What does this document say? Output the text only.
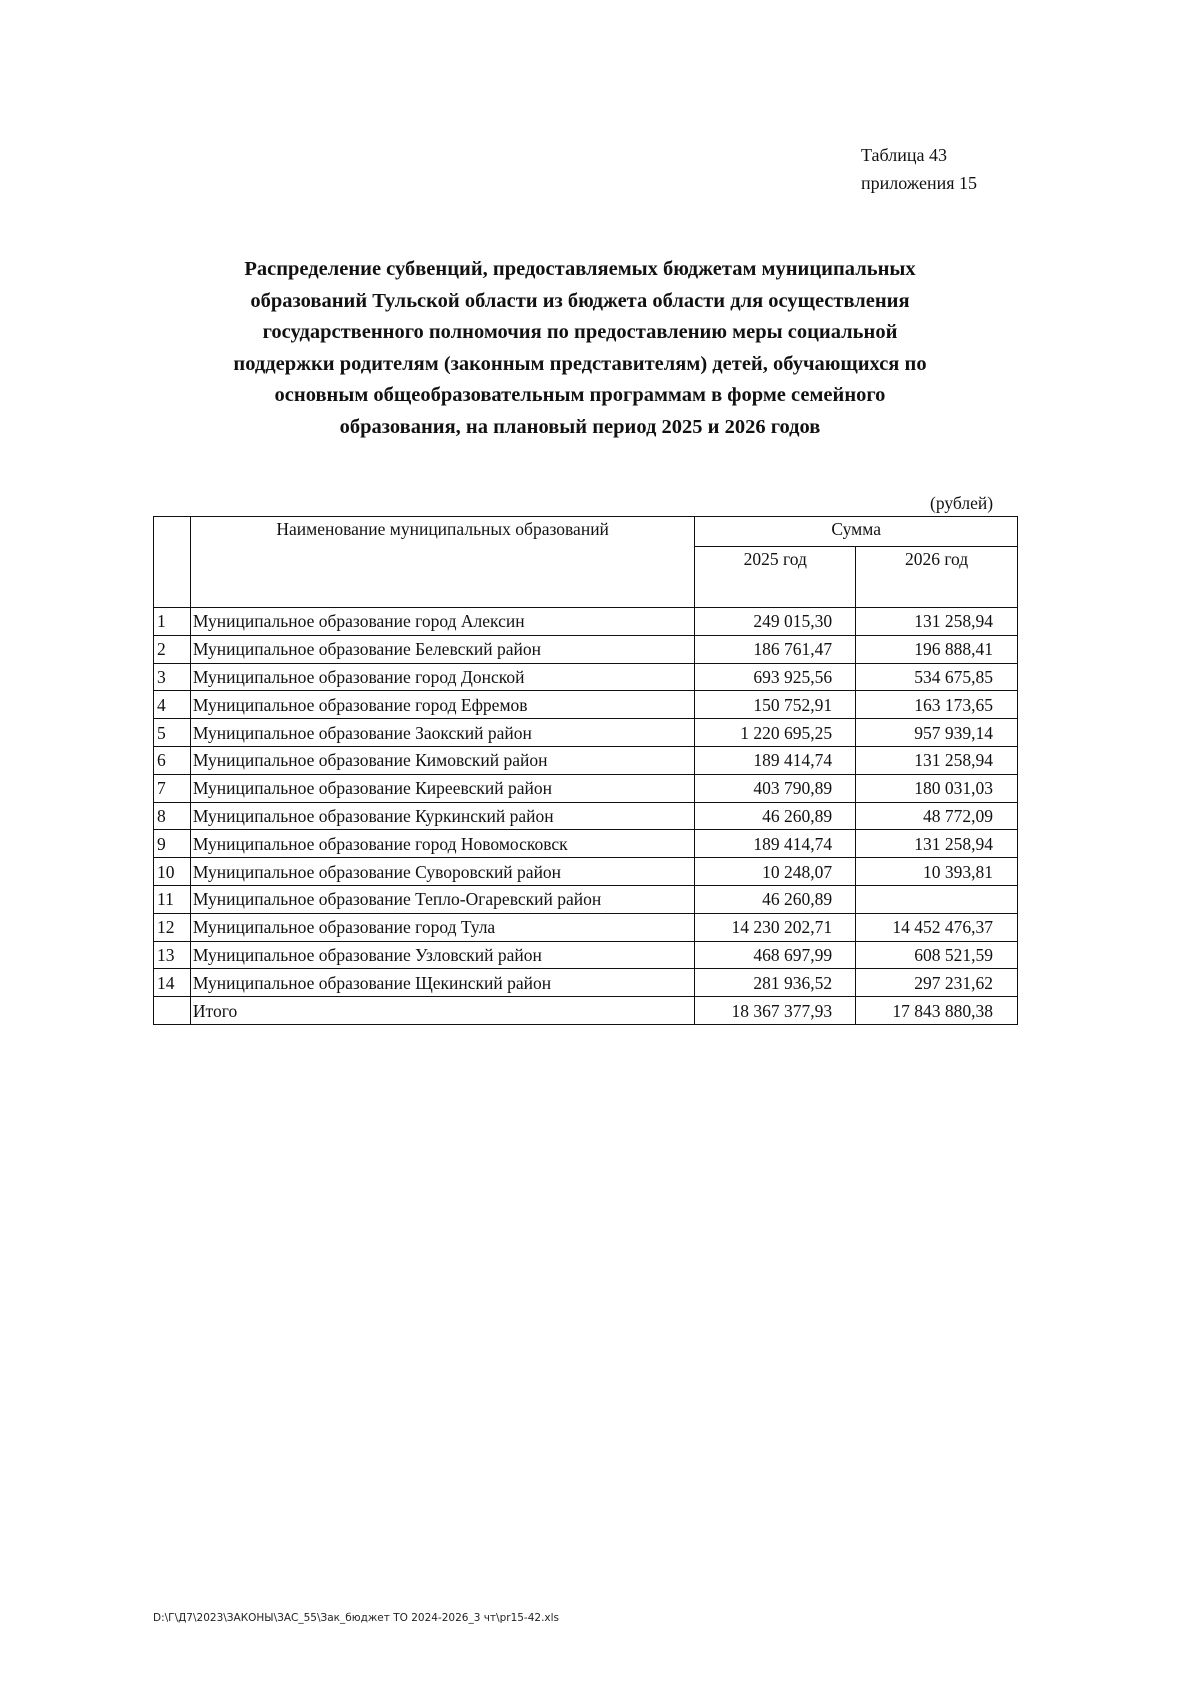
Таблица 43
приложения 15
Распределение субвенций, предоставляемых бюджетам муниципальных
образований Тульской области из бюджета области для осуществления
государственного полномочия по предоставлению меры социальной
поддержки родителям (законным представителям) детей, обучающихся по
основным общеобразовательным программам в форме семейного
образования, на плановый период 2025 и 2026 годов
(рублей)
	Наименование муниципальных образований	Сумма	
		2025 год	2026 год
1	Муниципальное образование город Алексин	249 015,30	131 258,94
2	Муниципальное образование Белевский район	186 761,47	196 888,41
3	Муниципальное образование город Донской	693 925,56	534 675,85
4	Муниципальное образование город Ефремов	150 752,91	163 173,65
5	Муниципальное образование Заокский район	1 220 695,25	957 939,14
6	Муниципальное образование Кимовский район	189 414,74	131 258,94
7	Муниципальное образование Киреевский район	403 790,89	180 031,03
8	Муниципальное образование Куркинский район	46 260,89	48 772,09
9	Муниципальное образование город Новомосковск	189 414,74	131 258,94
10	Муниципальное образование Суворовский район	10 248,07	10 393,81
11	Муниципальное образование Тепло-Огаревский район	46 260,89	
12	Муниципальное образование город Тула	14 230 202,71	14 452 476,37
13	Муниципальное образование Узловский район	468 697,99	608 521,59
14	Муниципальное образование Щекинский район	281 936,52	297 231,62
	Итого	18 367 377,93	17 843 880,38
D:\Г\Д7\2023\ЗАКОНЫ\ЗАС_55\Зак_бюджет ТО 2024-2026_3 чт\pr15-42.xls
